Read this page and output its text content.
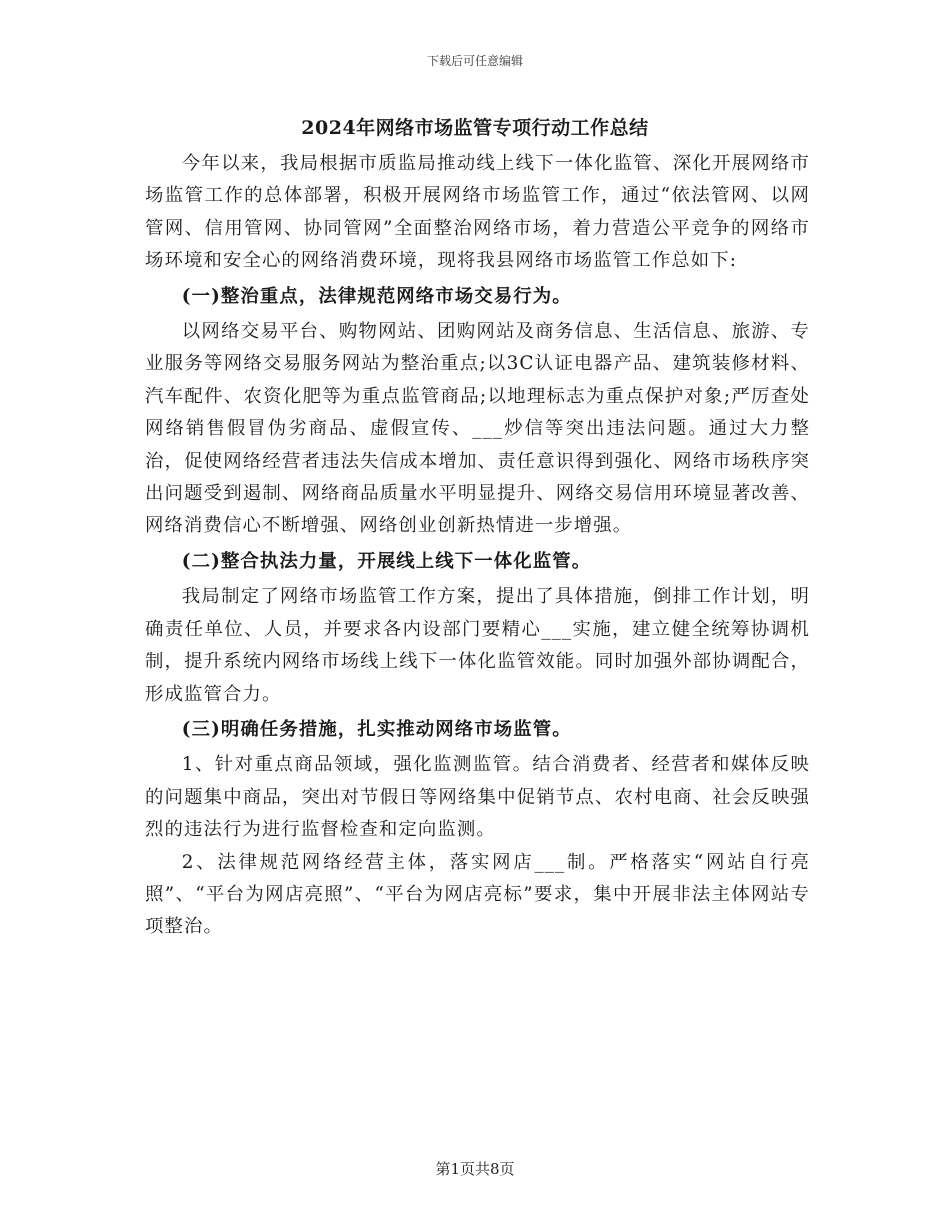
下载后可任意编辑
2024年网络市场监管专项行动工作总结

今年以来，我局根据市质监局推动线上线下一体化监管、深化开展网络市场监管工作的总体部署，积极开展网络市场监管工作，通过“依法管网、以网管网、信用管网、协同管网”全面整治网络市场，着力营造公平竞争的网络市场环境和安全心的网络消费环境，现将我县网络市场监管工作总如下:

(一)整治重点，法律规范网络市场交易行为。

以网络交易平台、购物网站、团购网站及商务信息、生活信息、旅游、专业服务等网络交易服务网站为整治重点;以3C认证电器产品、建筑装修材料、汽车配件、农资化肥等为重点监管商品;以地理标志为重点保护对象;严厉查处网络销售假冒伪劣商品、虚假宣传、___炒信等突出违法问题。通过大力整治，促使网络经营者违法失信成本增加、责任意识得到强化、网络市场秩序突出问题受到遏制、网络商品质量水平明显提升、网络交易信用环境显著改善、网络消费信心不断增强、网络创业创新热情进一步增强。

(二)整合执法力量，开展线上线下一体化监管。

我局制定了网络市场监管工作方案，提出了具体措施，倒排工作计划，明确责任单位、人员，并要求各内设部门要精心___实施，建立健全统筹协调机制，提升系统内网络市场线上线下一体化监管效能。同时加强外部协调配合，形成监管合力。

(三)明确任务措施，扎实推动网络市场监管。

1、针对重点商品领域，强化监测监管。结合消费者、经营者和媒体反映的问题集中商品，突出对节假日等网络集中促销节点、农村电商、社会反映强烈的违法行为进行监督检查和定向监测。

2、法律规范网络经营主体，落实网店___制。严格落实“网站自行亮照”、“平台为网店亮照”、“平台为网店亮标”要求，集中开展非法主体网站专项整治。

第1页共8页
